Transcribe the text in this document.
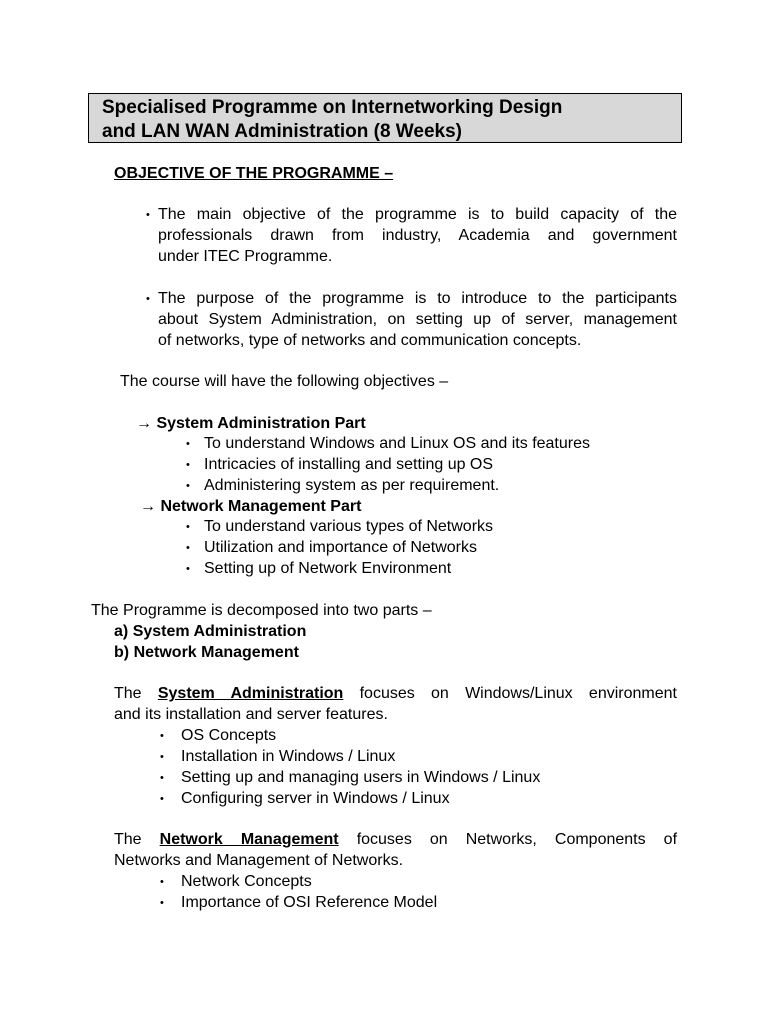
Specialised Programme on Internetworking Design
and LAN WAN Administration (8 Weeks)
OBJECTIVE OF THE PROGRAMME –
• The main objective of the programme is to build capacity of the
professionals drawn from industry, Academia and government
under ITEC Programme.
• The purpose of the programme is to introduce to the participants
about System Administration, on setting up of server, management
of networks, type of networks and communication concepts.
The course will have the following objectives –
→ System Administration Part
• To understand Windows and Linux OS and its features
• Intricacies of installing and setting up OS
• Administering system as per requirement.
→ Network Management Part
• To understand various types of Networks
• Utilization and importance of Networks
• Setting up of Network Environment
The Programme is decomposed into two parts –
a) System Administration
b) Network Management
The System Administration focuses on Windows/Linux environment
and its installation and server features.
• OS Concepts
• Installation in Windows / Linux
• Setting up and managing users in Windows / Linux
• Configuring server in Windows / Linux
The Network Management focuses on Networks, Components of
Networks and Management of Networks.
• Network Concepts
• Importance of OSI Reference Model
